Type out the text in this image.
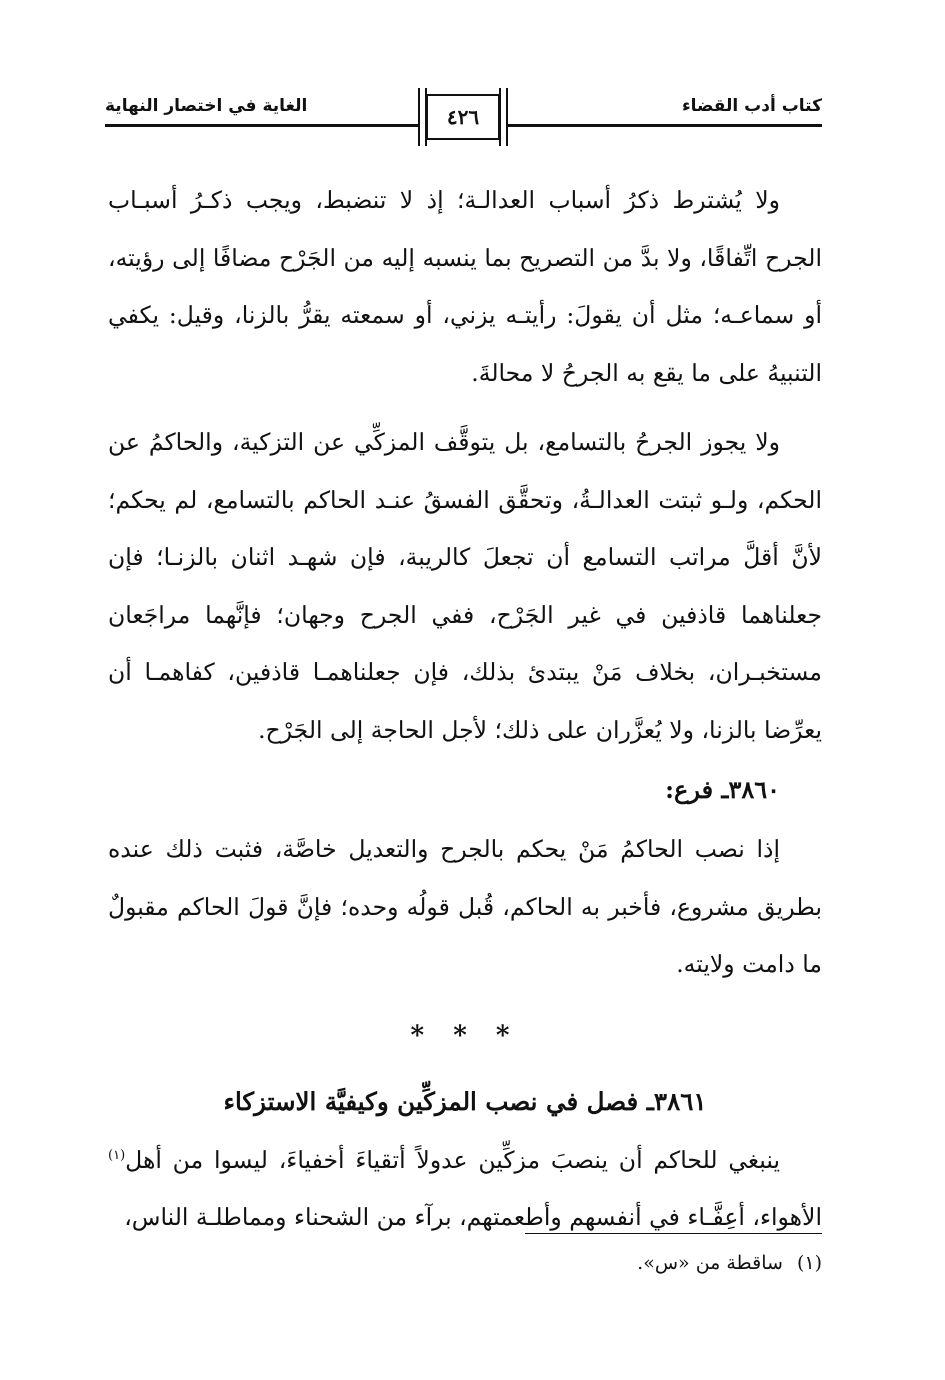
كتاب أدب القضاء
الغاية في اختصار النهاية	٤٢٦

ولا يُشترط ذكرُ أسباب العدالـة؛ إذ لا تنضبط، ويجب ذكـرُ أسبـاب الجرح اتِّفاقًا، ولا بدَّ من التصريح بما ينسبه إليه من الجَرْح مضافًا إلى رؤيته، أو سماعـه؛ مثل أن يقولَ: رأيتـه يزني، أو سمعته يقرُّ بالزنا، وقيل: يكفي التنبيهُ على ما يقع به الجرحُ لا محالةَ.

ولا يجوز الجرحُ بالتسامع، بل يتوقَّف المزكِّي عن التزكية، والحاكمُ عن الحكم، ولـو ثبتت العدالـةُ، وتحقَّق الفسقُ عنـد الحاكم بالتسامع، لم يحكم؛ لأنَّ أقلَّ مراتب التسامع أن تجعلَ كالريبة، فإن شهـد اثنان بالزنـا؛ فإن جعلناهما قاذفين في غير الجَرْح، ففي الجرح وجهان؛ فإنَّهما مراجَعان مستخبـران، بخلاف مَنْ يبتدئ بذلك، فإن جعلناهمـا قاذفين، كفاهمـا أن يعرِّضا بالزنا، ولا يُعزَّران على ذلك؛ لأجل الحاجة إلى الجَرْح.

٣٨٦٠ـ فرع:

إذا نصب الحاكمُ مَنْ يحكم بالجرح والتعديل خاصَّة، فثبت ذلك عنده بطريق مشروع، فأخبر به الحاكم، قُبل قولُه وحده؛ فإنَّ قولَ الحاكم مقبولٌ ما دامت ولايته.

* * *

٣٨٦١ـ فصل في نصب المزكِّين وكيفيَّة الاستزكاء

ينبغي للحاكم أن ينصبَ مزكِّين عدولاً أتقياءَ أخفياءَ، ليسوا من أهل$^{(١)}$ الأهواء، أعِفَّـاء في أنفسهم وأطعمتهم، برآء من الشحناء ومماطلـة الناس،

(١)ساقطة من «س».
